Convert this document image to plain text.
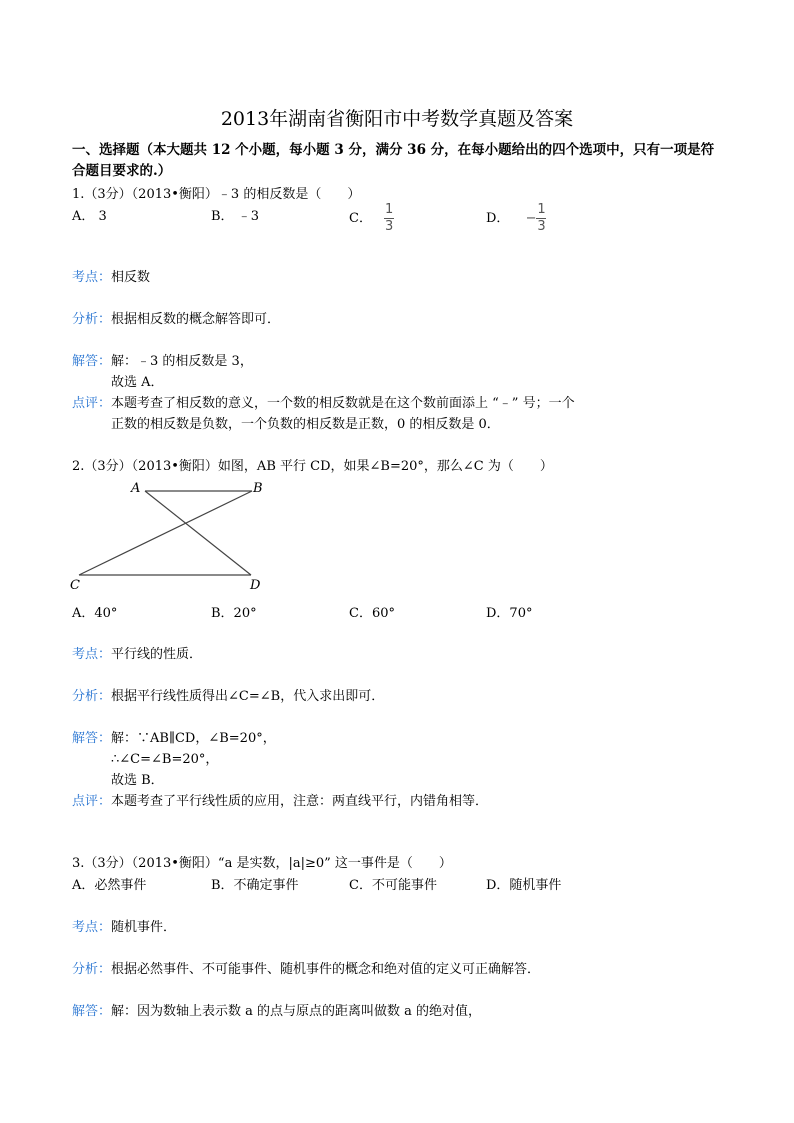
2013年湖南省衡阳市中考数学真题及答案
一、选择题（本大题共 12 个小题，每小题 3 分，满分 36 分，在每小题给出的四个选项中，只有一项是符
合题目要求的.）
1.（3分）（2013•衡阳）﹣3 的相反数是（　　）
A． 3	B． ﹣3	C． $\frac{1}{3}$	D． − $\frac{1}{3}$
考点：相反数
分析：根据相反数的概念解答即可．
解答：解：﹣3 的相反数是 3，
故选 A．
点评：本题考查了相反数的意义，一个数的相反数就是在这个数前面添上 “﹣” 号；一个
正数的相反数是负数，一个负数的相反数是正数，0 的相反数是 0．
2.（3分）（2013•衡阳）如图，AB 平行 CD，如果∠B=20°，那么∠C 为（　　）
A	B
C	D
A．40°	B．20°	C．60°	D．70°
考点：平行线的性质．
分析：根据平行线性质得出∠C=∠B，代入求出即可．
解答：解：∵AB∥CD，∠B=20°，
∴∠C=∠B=20°，
故选 B．
点评：本题考查了平行线性质的应用，注意：两直线平行，内错角相等．
3.（3分）（2013•衡阳）“a 是实数，|a|≥0” 这一事件是（　　）
A．必然事件	B．不确定事件	C．不可能事件	D．随机事件
考点：随机事件．
分析：根据必然事件、不可能事件、随机事件的概念和绝对值的定义可正确解答．
解答：解：因为数轴上表示数 a 的点与原点的距离叫做数 a 的绝对值，
